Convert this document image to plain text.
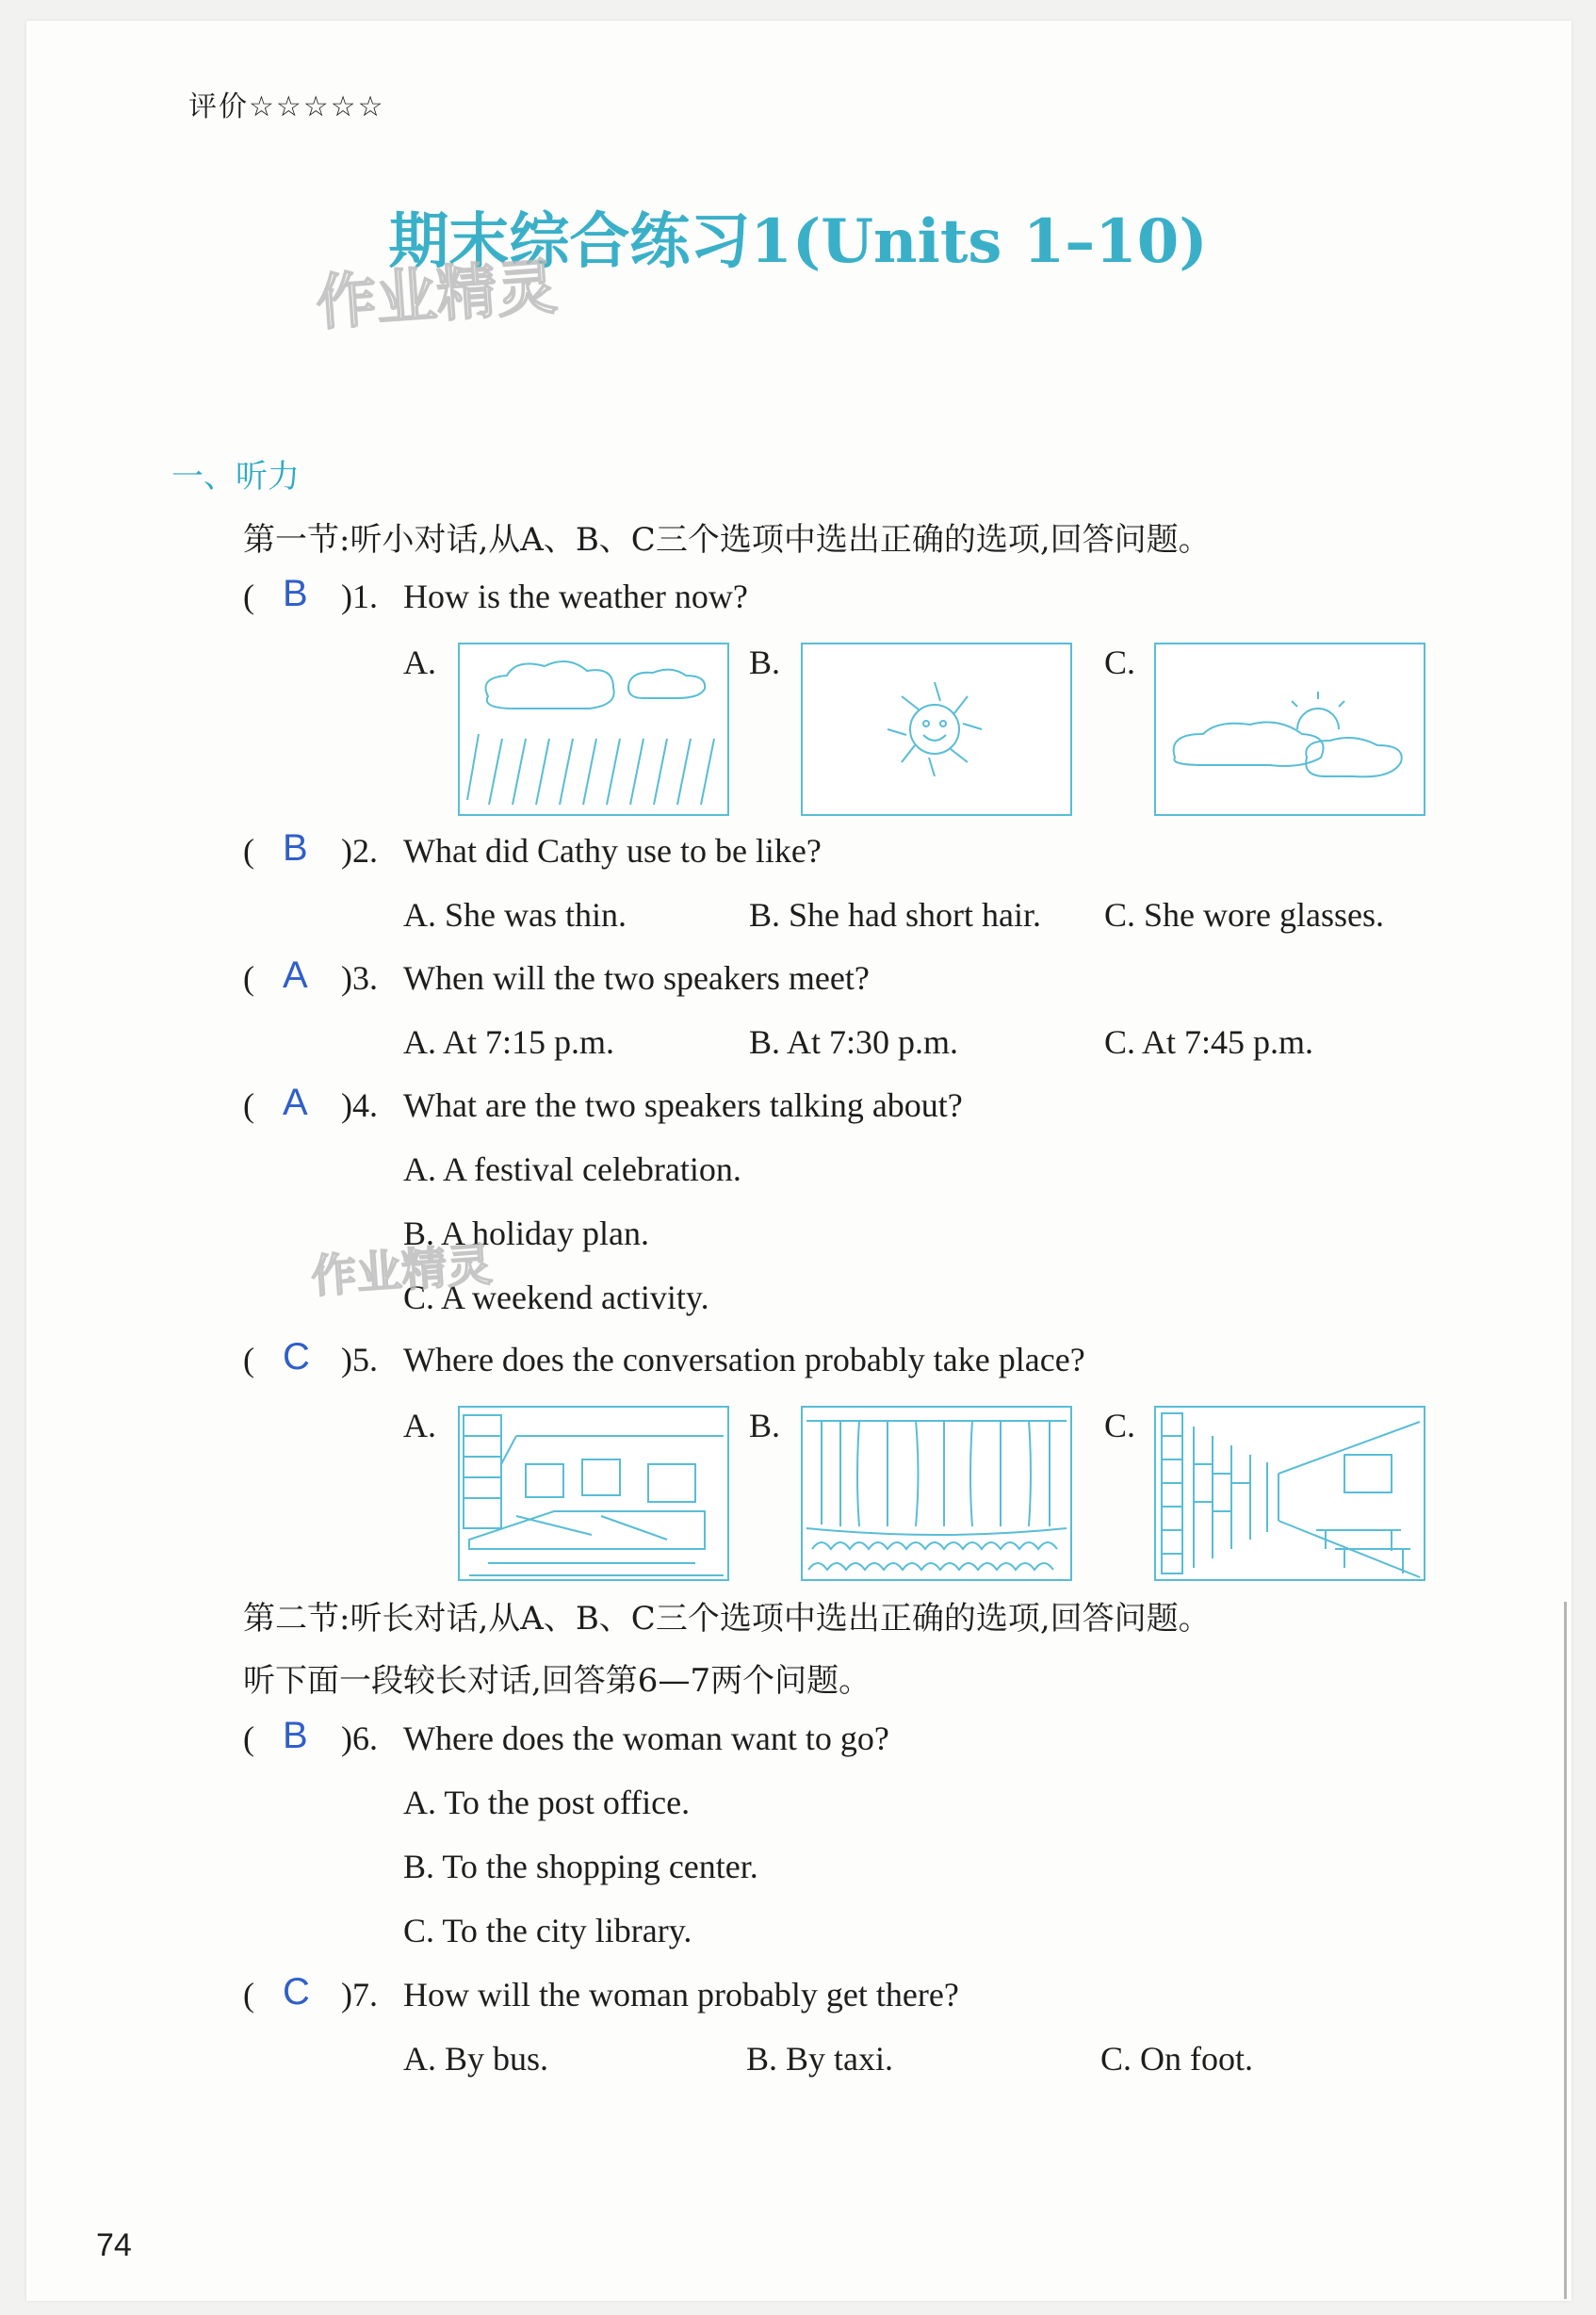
评价☆☆☆☆☆
期末综合练习1(Units 1–10)
作业精灵
一、听力
第一节:听小对话,从A、B、C三个选项中选出正确的选项,回答问题。
( B )1. How is the weather now?
A.	B.	C.
( B )2. What did Cathy use to be like?
A. She was thin.	B. She had short hair. C. She wore glasses.
( A )3. When will the two speakers meet?
A. At 7:15 p.m.	B. At 7:30 p.m.	C. At 7:45 p.m.
( A )4. What are the two speakers talking about?
A. A festival celebration.
B. A holiday plan.
C. A weekend activity.
作业精灵
( C )5. Where does the conversation probably take place?
A.	B.	C.
第二节:听长对话,从A、B、C三个选项中选出正确的选项,回答问题。
听下面一段较长对话,回答第6—7两个问题。
( B )6. Where does the woman want to go?
A. To the post office.
B. To the shopping center.
C. To the city library.
( C )7. How will the woman probably get there?
A. By bus.	B. By taxi.	C. On foot.
74
